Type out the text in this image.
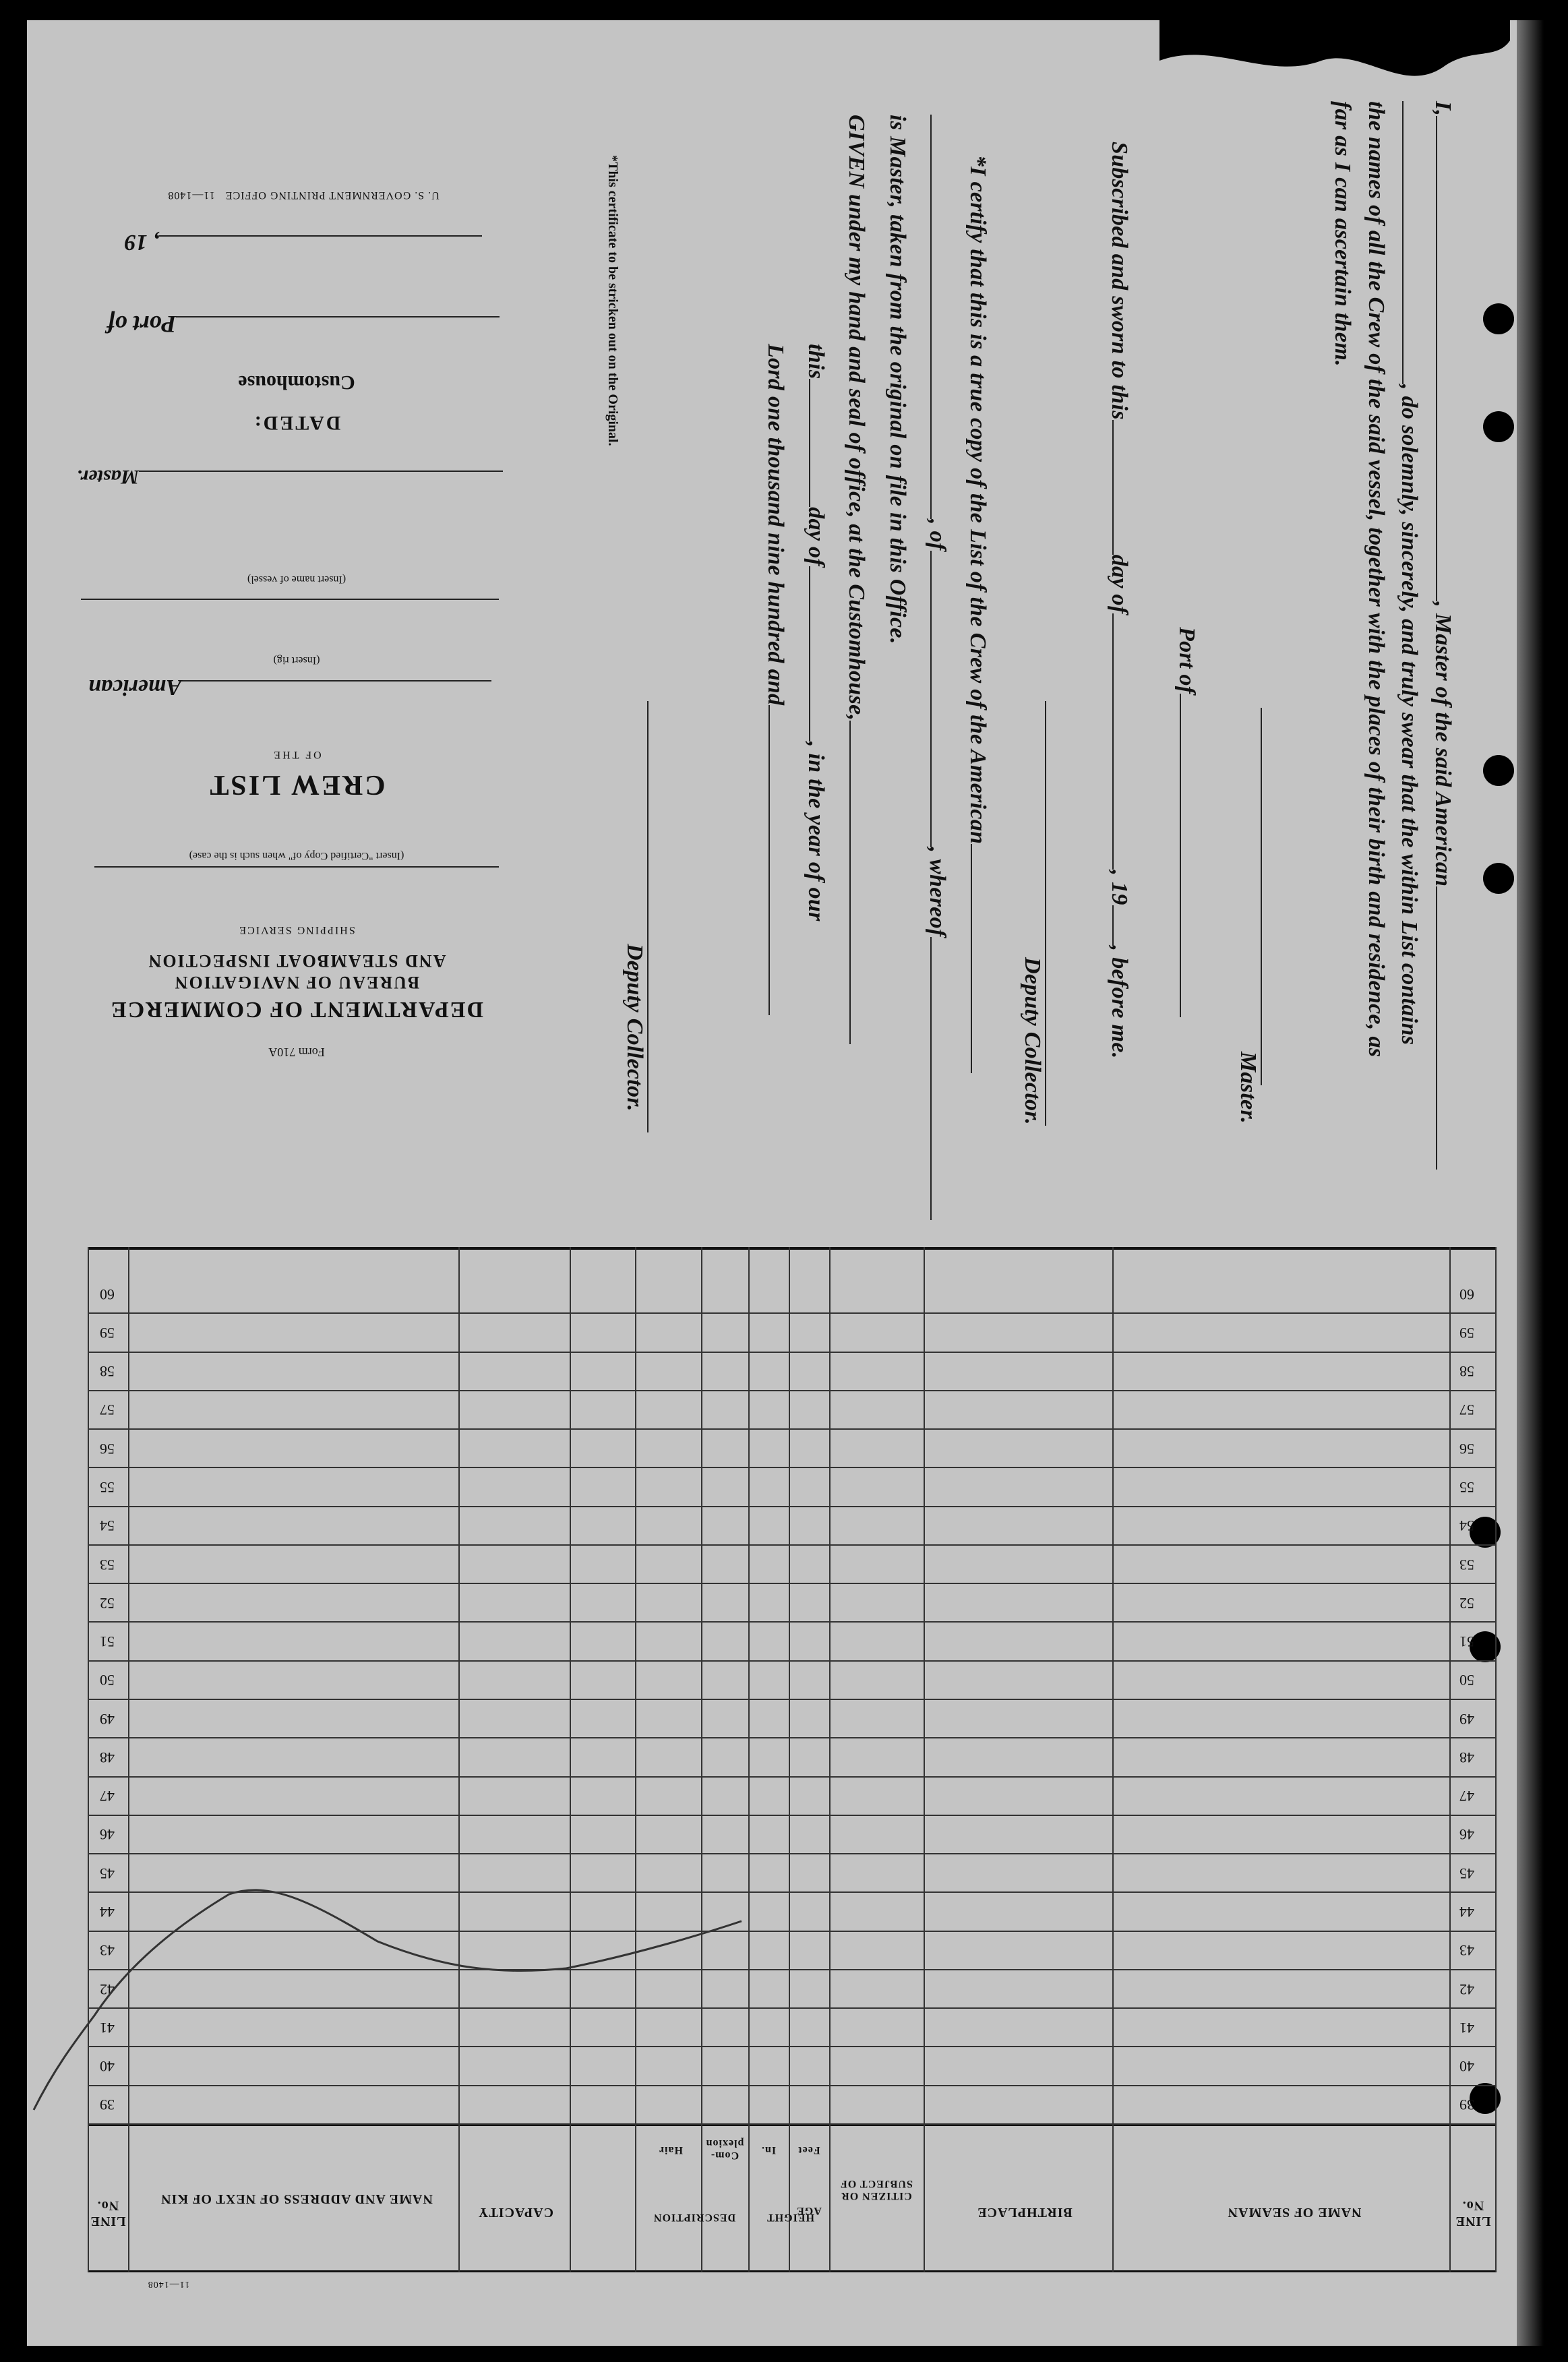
I,, Master of the said American
, do solemnly, sincerely, and truly swear that the within List contains
the names of all the Crew of the said vessel, together with the places of their birth and residence, as
far as I can ascertain them.
Master.
Port of
Subscribed and sworn to thisday of, 19, before me.
Deputy Collector.
*I certify that this is a true copy of the List of the Crew of the American
, of, whereof
is Master, taken from the original on file in this Office.
GIVEN under my hand and seal of office, at the Customhouse,
thisday of, in the year of our
Lord one thousand nine hundred and
Deputy Collector.
*This certificate to be stricken out on the Original.
U. S. GOVERNMENT PRINTING OFFICE   11—1408
, 19
Port of
Customhouse
DATED:
Master.
(Insert name of vessel)
(Insert rig)
American
OF THE
CREW LIST
(Insert "Certified Copy of" when such is the case)
SHIPPING SERVICE
AND STEAMBOAT INSPECTION
BUREAU OF NAVIGATION
DEPARTMENT OF COMMERCE
Form 710A
LINE No.
NAME OF SEAMAN
BIRTHPLACE
CITIZEN OR SUBJECT OF
AGE
HEIGHT
Feet
In.
DESCRIPTION
Com- plexion
Hair
CAPACITY
NAME AND ADDRESS OF NEXT OF KIN
LINE No.
60
60
59
59
58
58
57
57
56
56
55
55
54
54
53
53
52
52
51
51
50
50
49
49
48
48
47
47
46
46
45
45
44
44
43
43
42
42
41
41
40
40
39
39
11—1408
